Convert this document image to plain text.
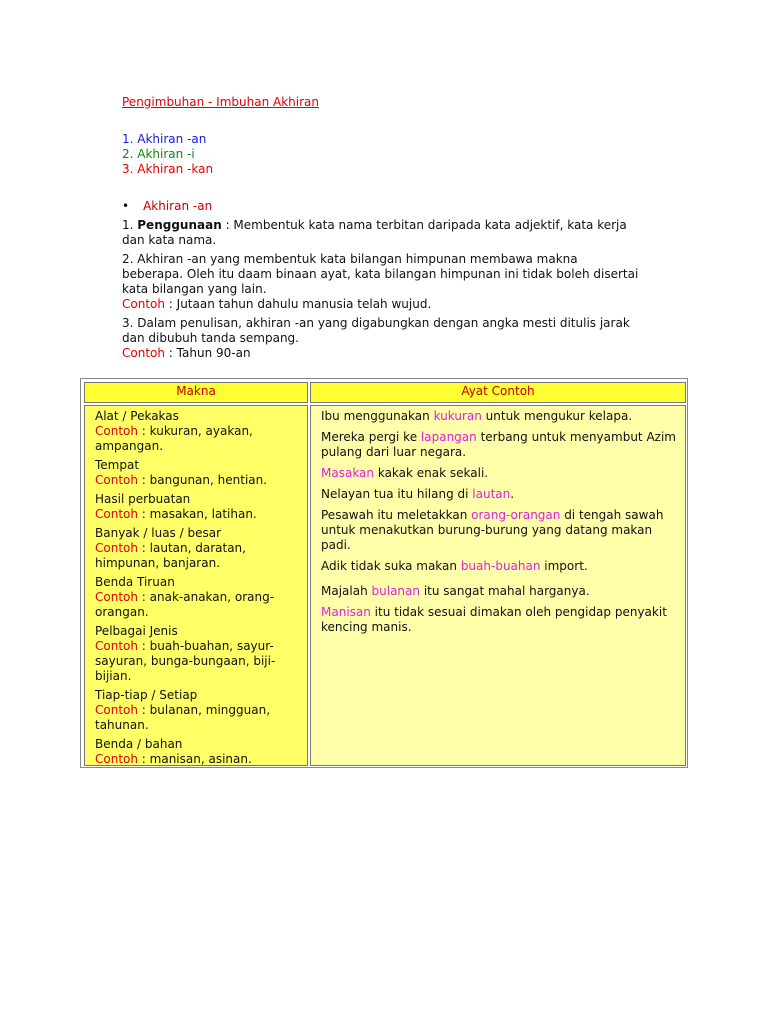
Pengimbuhan - Imbuhan Akhiran
1. Akhiran -an
2. Akhiran -i
3. Akhiran -kan
• Akhiran -an
1. Penggunaan : Membentuk kata nama terbitan daripada kata adjektif, kata kerja dan kata nama.
2. Akhiran -an yang membentuk kata bilangan himpunan membawa makna beberapa. Oleh itu daam binaan ayat, kata bilangan himpunan ini tidak boleh disertai kata bilangan yang lain.
Contoh : Jutaan tahun dahulu manusia telah wujud.
3. Dalam penulisan, akhiran -an yang digabungkan dengan angka mesti ditulis jarak dan dibubuh tanda sempang.
Contoh : Tahun 90-an
Makna	Ayat Contoh
Alat / Pekakas
Contoh : kukuran, ayakan, ampangan.
Tempat
Contoh : bangunan, hentian.
Hasil perbuatan
Contoh : masakan, latihan.
Banyak / luas / besar
Contoh : lautan, daratan, himpunan, banjaran.
Benda Tiruan
Contoh : anak-anakan, orang-orangan.
Pelbagai Jenis
Contoh : buah-buahan, sayur-sayuran, bunga-bungaan, biji-bijian.
Tiap-tiap / Setiap
Contoh : bulanan, mingguan, tahunan.
Benda / bahan
Contoh : manisan, asinan.
Ibu menggunakan kukuran untuk mengukur kelapa.
Mereka pergi ke lapangan terbang untuk menyambut Azim pulang dari luar negara.
Masakan kakak enak sekali.
Nelayan tua itu hilang di lautan.
Pesawah itu meletakkan orang-orangan di tengah sawah untuk menakutkan burung-burung yang datang makan padi.
Adik tidak suka makan buah-buahan import.
Majalah bulanan itu sangat mahal harganya.
Manisan itu tidak sesuai dimakan oleh pengidap penyakit kencing manis.
